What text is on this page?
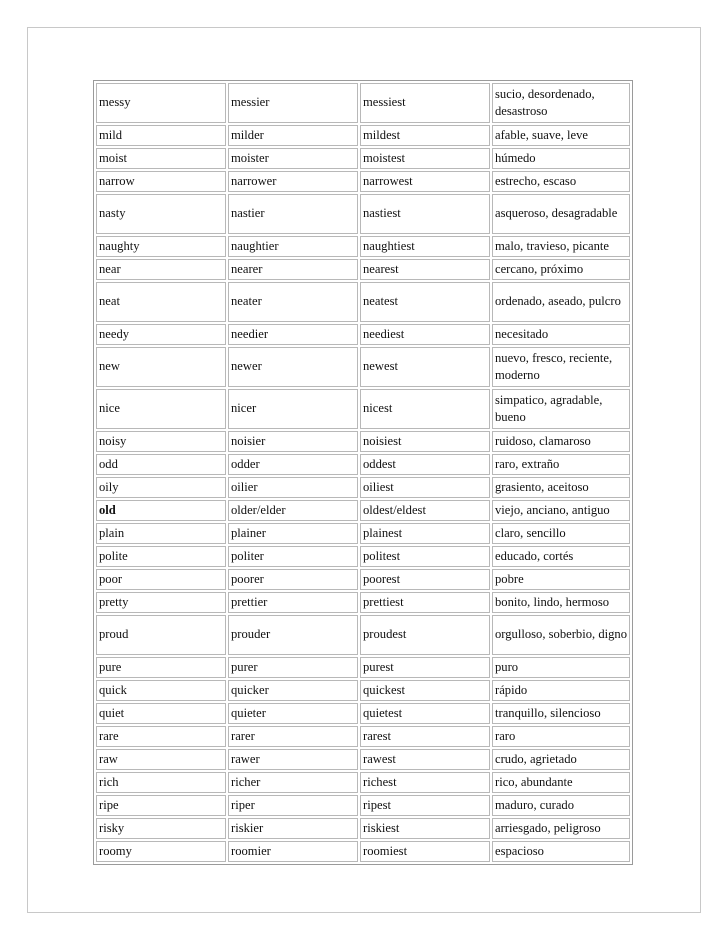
messy	messier	messiest	sucio, desordenado, desastroso
mild	milder	mildest	afable, suave, leve
moist	moister	moistest	húmedo
narrow	narrower	narrowest	estrecho, escaso
nasty	nastier	nastiest	asqueroso, desagradable
naughty	naughtier	naughtiest	malo, travieso, picante
near	nearer	nearest	cercano, próximo
neat	neater	neatest	ordenado, aseado, pulcro
needy	needier	neediest	necesitado
new	newer	newest	nuevo, fresco, reciente, moderno
nice	nicer	nicest	simpatico, agradable, bueno
noisy	noisier	noisiest	ruidoso, clamaroso
odd	odder	oddest	raro, extraño
oily	oilier	oiliest	grasiento, aceitoso
old	older/elder	oldest/eldest	viejo, anciano, antiguo
plain	plainer	plainest	claro, sencillo
polite	politer	politest	educado, cortés
poor	poorer	poorest	pobre
pretty	prettier	prettiest	bonito, lindo, hermoso
proud	prouder	proudest	orgulloso, soberbio, digno
pure	purer	purest	puro
quick	quicker	quickest	rápido
quiet	quieter	quietest	tranquillo, silencioso
rare	rarer	rarest	raro
raw	rawer	rawest	crudo, agrietado
rich	richer	richest	rico, abundante
ripe	riper	ripest	maduro, curado
risky	riskier	riskiest	arriesgado, peligroso
roomy	roomier	roomiest	espacioso
